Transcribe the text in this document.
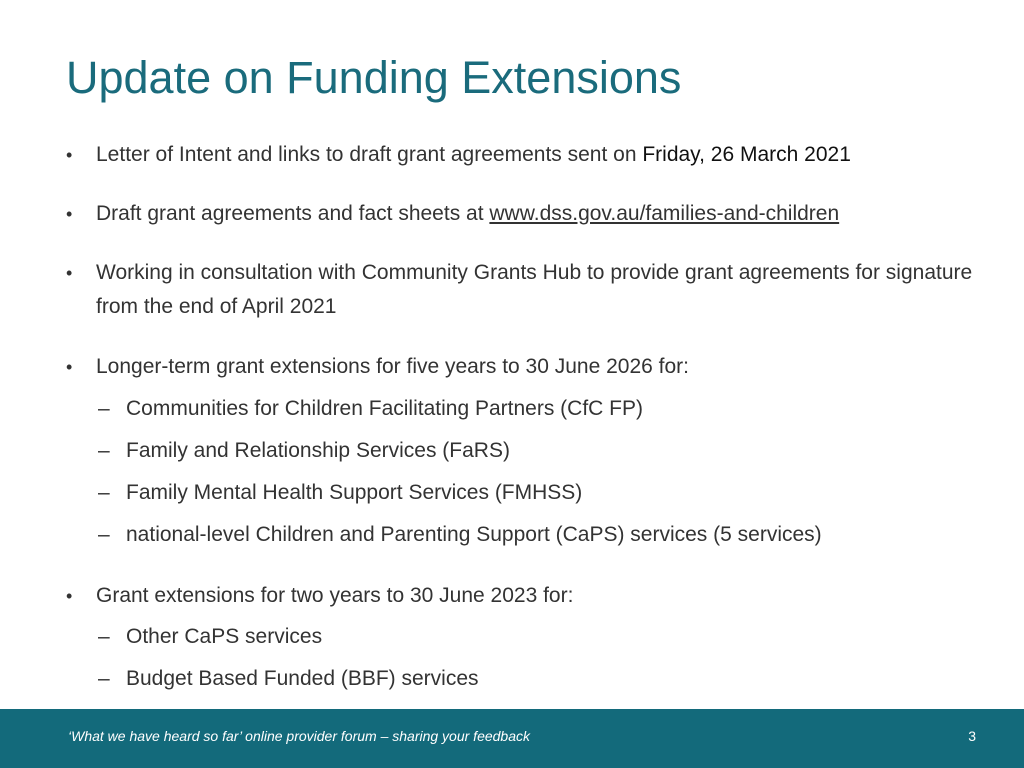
Update on Funding Extensions
•	Letter of Intent and links to draft grant agreements sent on Friday, 26 March 2021
•	Draft grant agreements and fact sheets at www.dss.gov.au/families-and-children
•	Working in consultation with Community Grants Hub to provide grant agreements for signature from the end of April 2021
•	Longer-term grant extensions for five years to 30 June 2026 for:
– Communities for Children Facilitating Partners (CfC FP)
– Family and Relationship Services (FaRS)
– Family Mental Health Support Services (FMHSS)
– national-level Children and Parenting Support (CaPS) services (5 services)
•	Grant extensions for two years to 30 June 2023 for:
– Other CaPS services
– Budget Based Funded (BBF) services
‘What we have heard so far’ online provider forum – sharing your feedback	3
